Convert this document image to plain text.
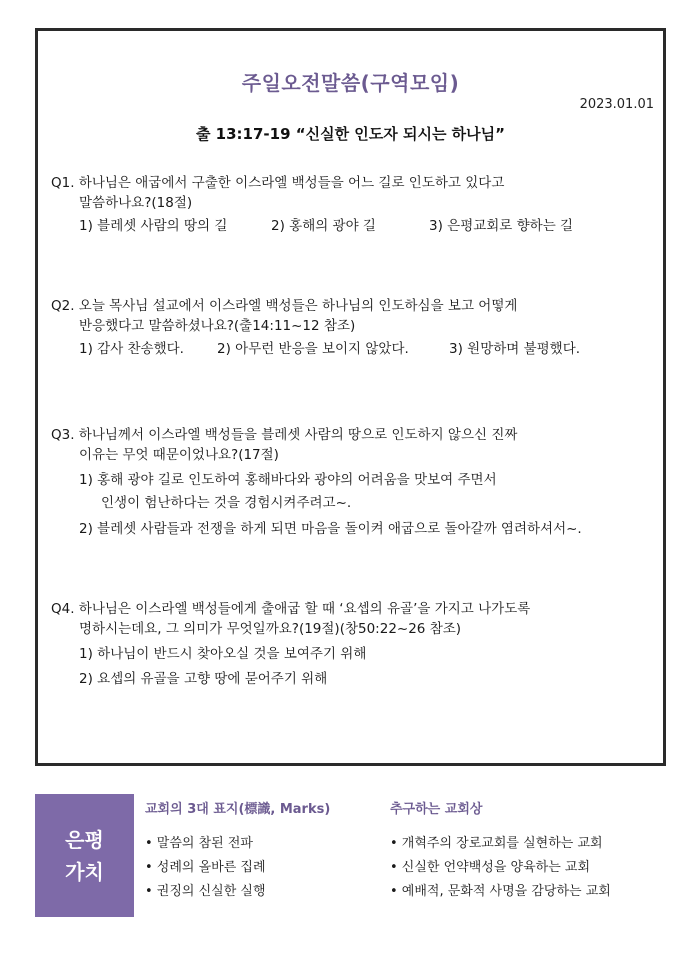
주일오전말씀(구역모임)
2023.01.01
출 13:17-19 “신실한 인도자 되시는 하나님”
Q1. 하나님은 애굽에서 구출한 이스라엘 백성들을 어느 길로 인도하고 있다고
말씀하나요?(18절)
1) 블레셋 사람의 땅의 길	2) 홍해의 광야 길	3) 은평교회로 향하는 길
Q2. 오늘 목사님 설교에서 이스라엘 백성들은 하나님의 인도하심을 보고 어떻게
반응했다고 말씀하셨나요?(출14:11~12 참조)
1) 감사 찬송했다. 2) 아무런 반응을 보이지 않았다.	3) 원망하며 불평했다.
Q3. 하나님께서 이스라엘 백성들을 블레셋 사람의 땅으로 인도하지 않으신 진짜
이유는 무엇 때문이었나요?(17절)
1) 홍해 광야 길로 인도하여 홍해바다와 광야의 어려움을 맛보여 주면서
인생이 험난하다는 것을 경험시켜주려고~.
2) 블레셋 사람들과 전쟁을 하게 되면 마음을 돌이켜 애굽으로 돌아갈까 염려하셔서~.
Q4. 하나님은 이스라엘 백성들에게 출애굽 할 때 ‘요셉의 유골’을 가지고 나가도록
명하시는데요, 그 의미가 무엇일까요?(19절)(창50:22~26 참조)
1) 하나님이 반드시 찾아오실 것을 보여주기 위해
2) 요셉의 유골을 고향 땅에 묻어주기 위해
은평
가치
교회의 3대 표지(標識, Marks)
• 말씀의 참된 전파
• 성례의 올바른 집례
• 권징의 신실한 실행
추구하는 교회상
• 개혁주의 장로교회를 실현하는 교회
• 신실한 언약백성을 양육하는 교회
• 예배적, 문화적 사명을 감당하는 교회
